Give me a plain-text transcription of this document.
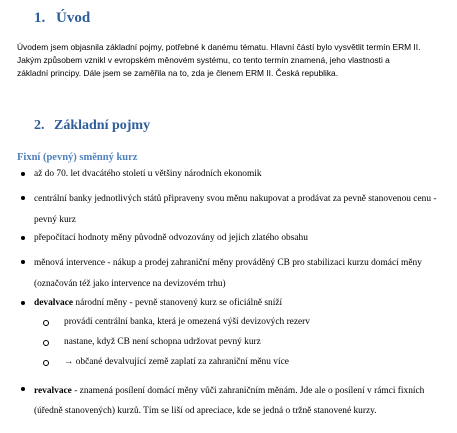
1. Úvod

Úvodem jsem objasnila základní pojmy, potřebné k danému tématu. Hlavní částí bylo vysvětlit termín ERM II. Jakým způsobem vznikl v evropském měnovém systému, co tento termín znamená, jeho vlastnosti a základní principy. Dále jsem se zaměřila na to, zda je členem ERM II. Česká republika.

2. Základní pojmy
Fixní (pevný) směnný kurz
až do 70. let dvacátého století u většiny národních ekonomik
centrální banky jednotlivých států připraveny svou měnu nakupovat a prodávat za pevně stanovenou cenu - pevný kurz
přepočítací hodnoty měny původně odvozovány od jejich zlatého obsahu
měnová intervence - nákup a prodej zahraniční měny prováděný CB pro stabilizaci kurzu domácí měny (označován též jako intervence na devizovém trhu)
devalvace národní měny - pevně stanovený kurz se oficiálně sníží
provádí centrální banka, která je omezená výší devizových rezerv
nastane, když CB není schopna udržovat pevný kurz
→ občané devalvující země zaplatí za zahraniční měnu více
revalvace - znamená posílení domácí měny vůči zahraničním měnám. Jde ale o posílení v rámci fixních (úředně stanovených) kurzů. Tím se liší od apreciace, kde se jedná o tržně stanovené kurzy.
